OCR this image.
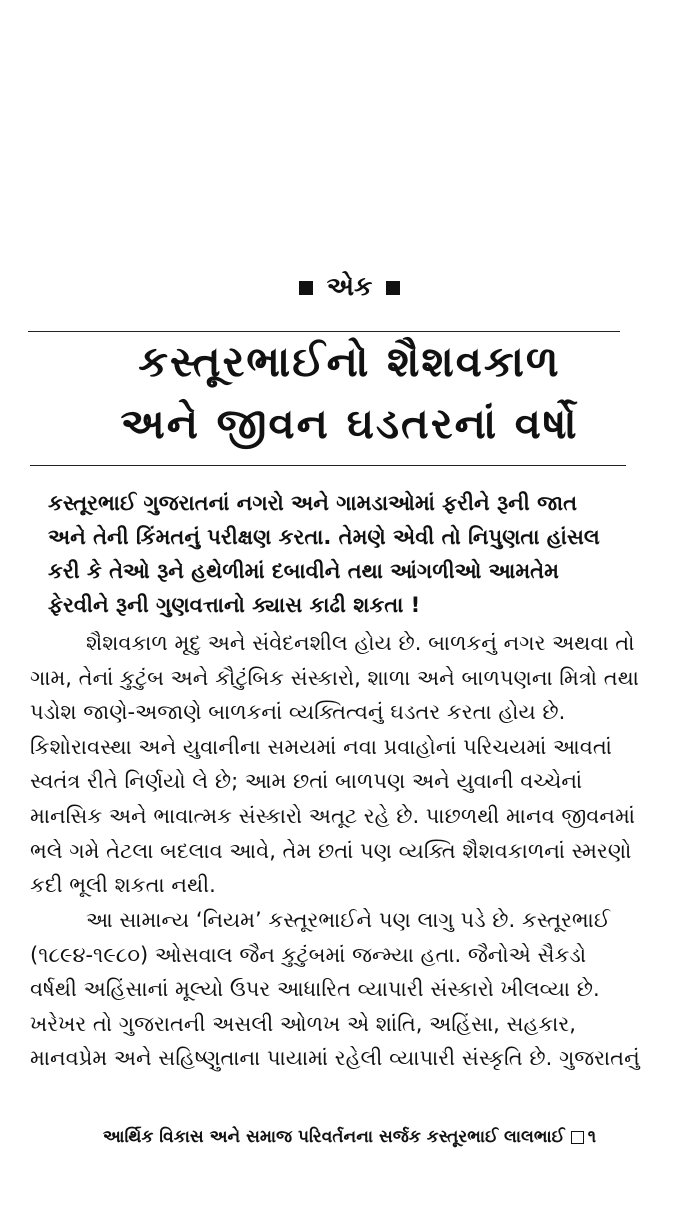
એક
કસ્તૂરભાઈનો શૈશવકાળ
અને જીવન ઘડતરનાં વર્ષો
કસ્તૂરભાઈ ગુજરાતનાં નગરો અને ગામડાઓમાં ફરીને રૂની જાત
અને તેની કિંમતનું પરીક્ષણ કરતા. તેમણે એવી તો નિપુણતા હાંસલ
કરી કે તેઓ રૂને હથેળીમાં દબાવીને તથા આંગળીઓ આમતેમ
ફેરવીને રૂની ગુણવત્તાનો ક્યાસ કાઢી શકતા !
શૈશવકાળ મૃદુ અને સંવેદનશીલ હોય છે. બાળકનું નગર અથવા તો
ગામ, તેનાં કુટુંબ અને કૌટુંબિક સંસ્કારો, શાળા અને બાળપણના મિત્રો તથા
પડોશ જાણે-અજાણે બાળકનાં વ્યક્તિત્વનું ઘડતર કરતા હોય છે.
કિશોરાવસ્થા અને યુવાનીના સમયમાં નવા પ્રવાહોનાં પરિચયમાં આવતાં
સ્વતંત્ર રીતે નિર્ણયો લે છે; આમ છતાં બાળપણ અને યુવાની વચ્ચેનાં
માનસિક અને ભાવાત્મક સંસ્કારો અતૂટ રહે છે. પાછળથી માનવ જીવનમાં
ભલે ગમે તેટલા બદલાવ આવે, તેમ છતાં પણ વ્યક્તિ શૈશવકાળનાં સ્મરણો
કદી ભૂલી શકતા નથી.
આ સામાન્ય ‘નિયમ’ કસ્તૂરભાઈને પણ લાગુ પડે છે. કસ્તૂરભાઈ
(૧૮૯૪-૧૯૮૦) ઓસવાલ જૈન કુટુંબમાં જન્મ્યા હતા. જૈનોએ સૈકડો
વર્ષથી અહિંસાનાં મૂલ્યો ઉપર આધારિત વ્યાપારી સંસ્કારો ખીલવ્યા છે.
ખરેખર તો ગુજરાતની અસલી ઓળખ એ શાંતિ, અહિંસા, સહકાર,
માનવપ્રેમ અને સહિષ્ણુતાના પાયામાં રહેલી વ્યાપારી સંસ્કૃતિ છે. ગુજરાતનું
આર્થિક વિકાસ અને સમાજ પરિવર્તનના સર્જક કસ્તૂરભાઈ લાલભાઈ ૧
